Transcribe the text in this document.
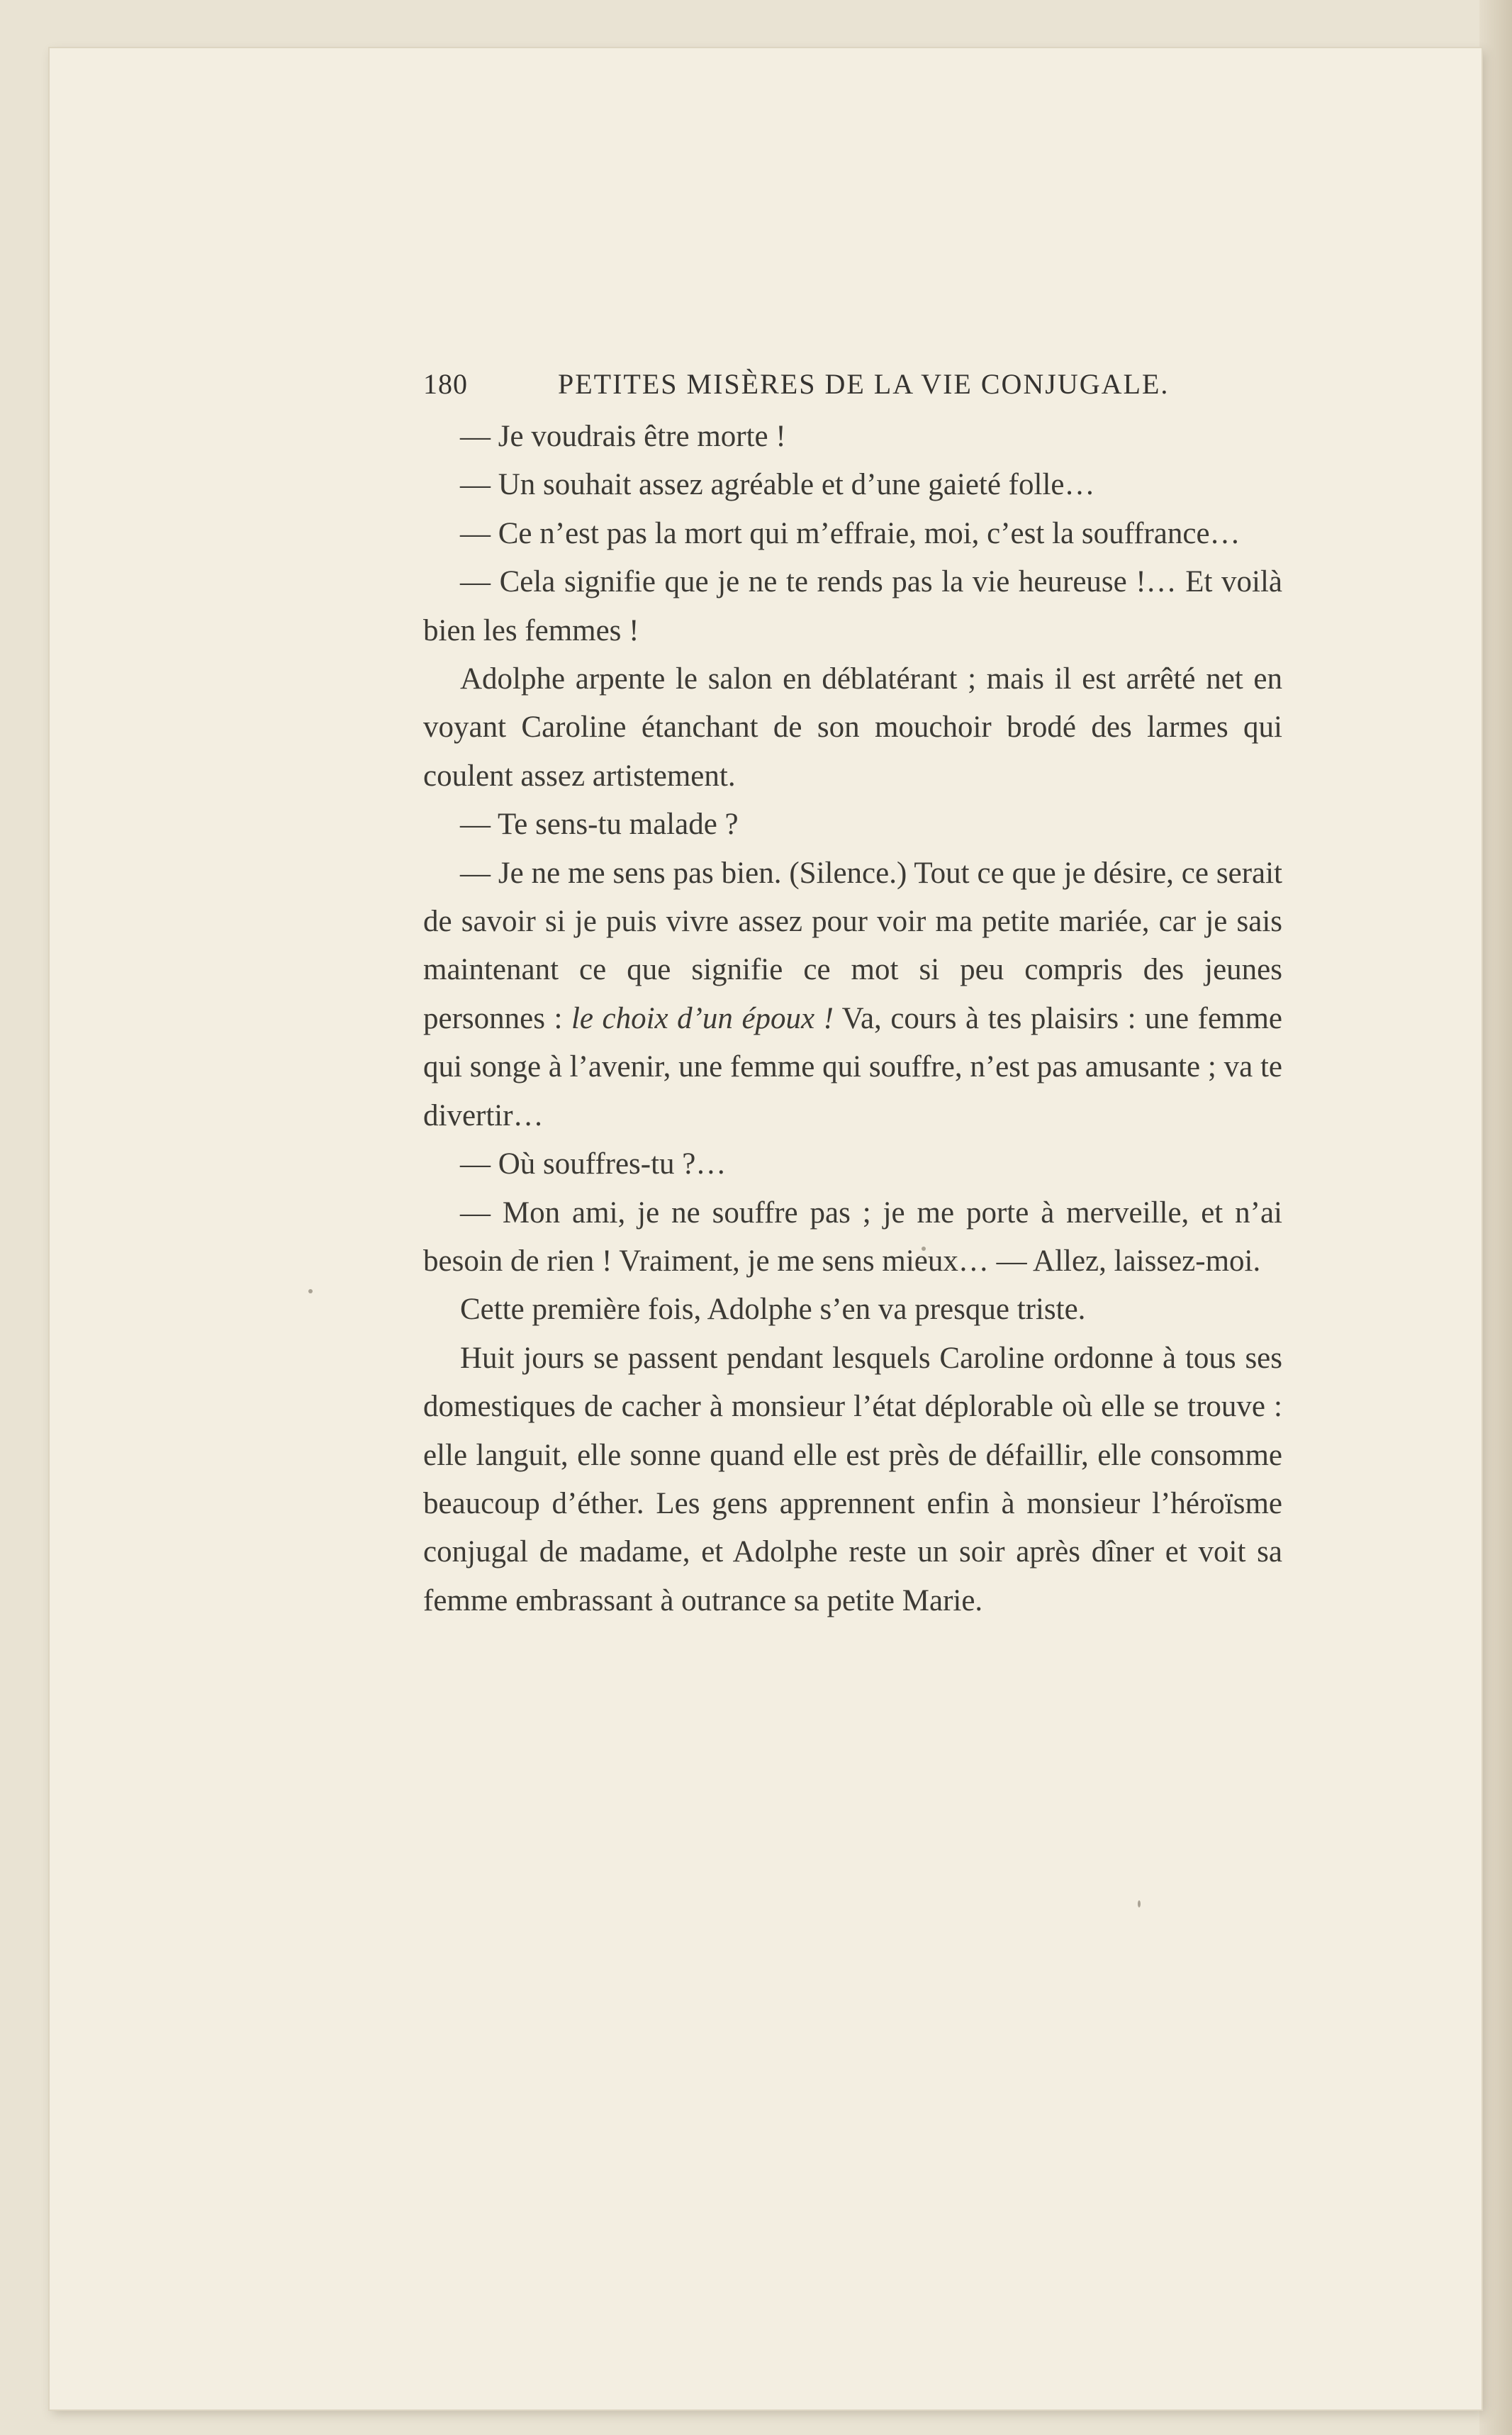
180	PETITES MISÈRES DE LA VIE CONJUGALE.

— Je voudrais être morte !

— Un souhait assez agréable et d’une gaieté folle…

— Ce n’est pas la mort qui m’effraie, moi, c’est la souffrance…

— Cela signifie que je ne te rends pas la vie heureuse !… Et voilà bien les femmes !

Adolphe arpente le salon en déblatérant ; mais il est arrêté net en voyant Caroline étanchant de son mouchoir brodé des larmes qui coulent assez artistement.

— Te sens-tu malade ?

— Je ne me sens pas bien. (Silence.) Tout ce que je désire, ce serait de savoir si je puis vivre assez pour voir ma petite mariée, car je sais maintenant ce que signifie ce mot si peu compris des jeunes personnes : le choix d’un époux ! Va, cours à tes plaisirs : une femme qui songe à l’avenir, une femme qui souffre, n’est pas amusante ; va te divertir…

— Où souffres-tu ?…

— Mon ami, je ne souffre pas ; je me porte à merveille, et n’ai besoin de rien ! Vraiment, je me sens mieux… — Allez, laissez-moi.

Cette première fois, Adolphe s’en va presque triste.

Huit jours se passent pendant lesquels Caroline ordonne à tous ses domestiques de cacher à monsieur l’état déplorable où elle se trouve : elle languit, elle sonne quand elle est près de défaillir, elle consomme beaucoup d’éther. Les gens apprennent enfin à monsieur l’héroïsme conjugal de madame, et Adolphe reste un soir après dîner et voit sa femme embrassant à outrance sa petite Marie.
